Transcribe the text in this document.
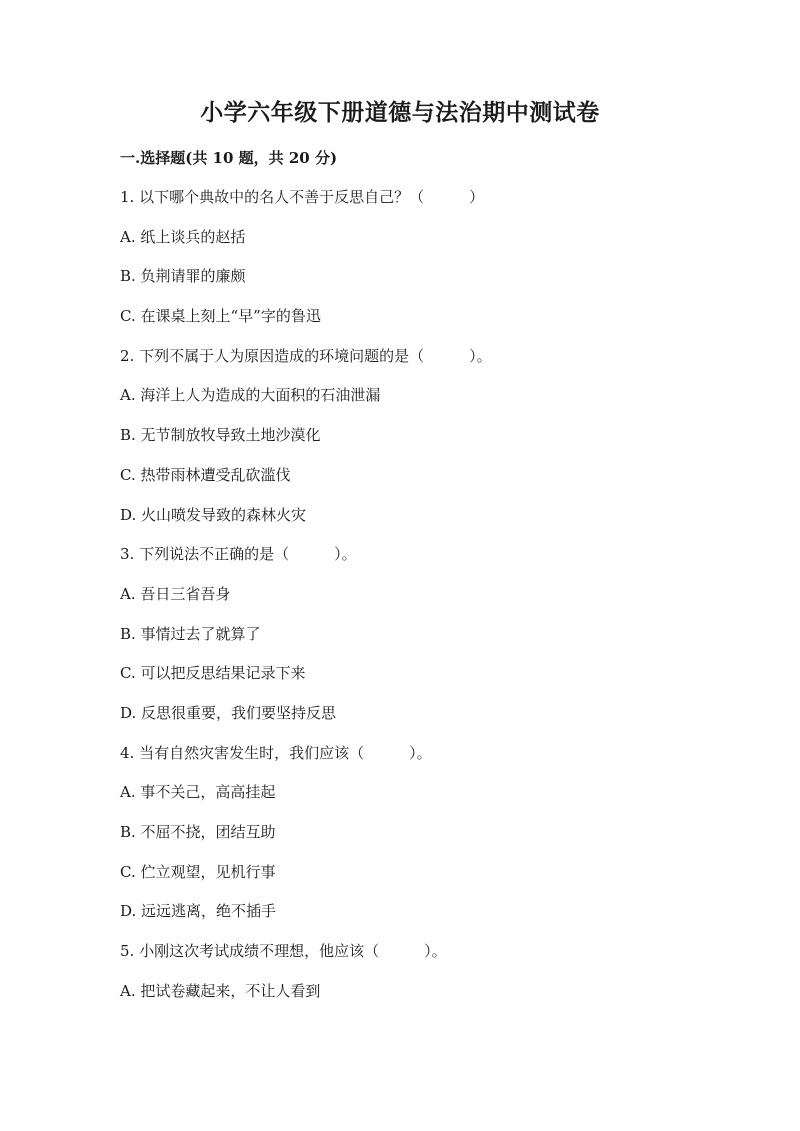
小学六年级下册道德与法治期中测试卷
一.选择题(共 10 题，共 20 分)
1. 以下哪个典故中的名人不善于反思自己？（　　　）
A. 纸上谈兵的赵括
B. 负荆请罪的廉颇
C. 在课桌上刻上“早”字的鲁迅
2. 下列不属于人为原因造成的环境问题的是（　　　）。
A. 海洋上人为造成的大面积的石油泄漏
B. 无节制放牧导致土地沙漠化
C. 热带雨林遭受乱砍滥伐
D. 火山喷发导致的森林火灾
3. 下列说法不正确的是（　　　）。
A. 吾日三省吾身
B. 事情过去了就算了
C. 可以把反思结果记录下来
D. 反思很重要，我们要坚持反思
4. 当有自然灾害发生时，我们应该（　　　）。
A. 事不关己，高高挂起
B. 不屈不挠，团结互助
C. 伫立观望，见机行事
D. 远远逃离，绝不插手
5. 小刚这次考试成绩不理想，他应该（　　　）。
A. 把试卷藏起来，不让人看到
